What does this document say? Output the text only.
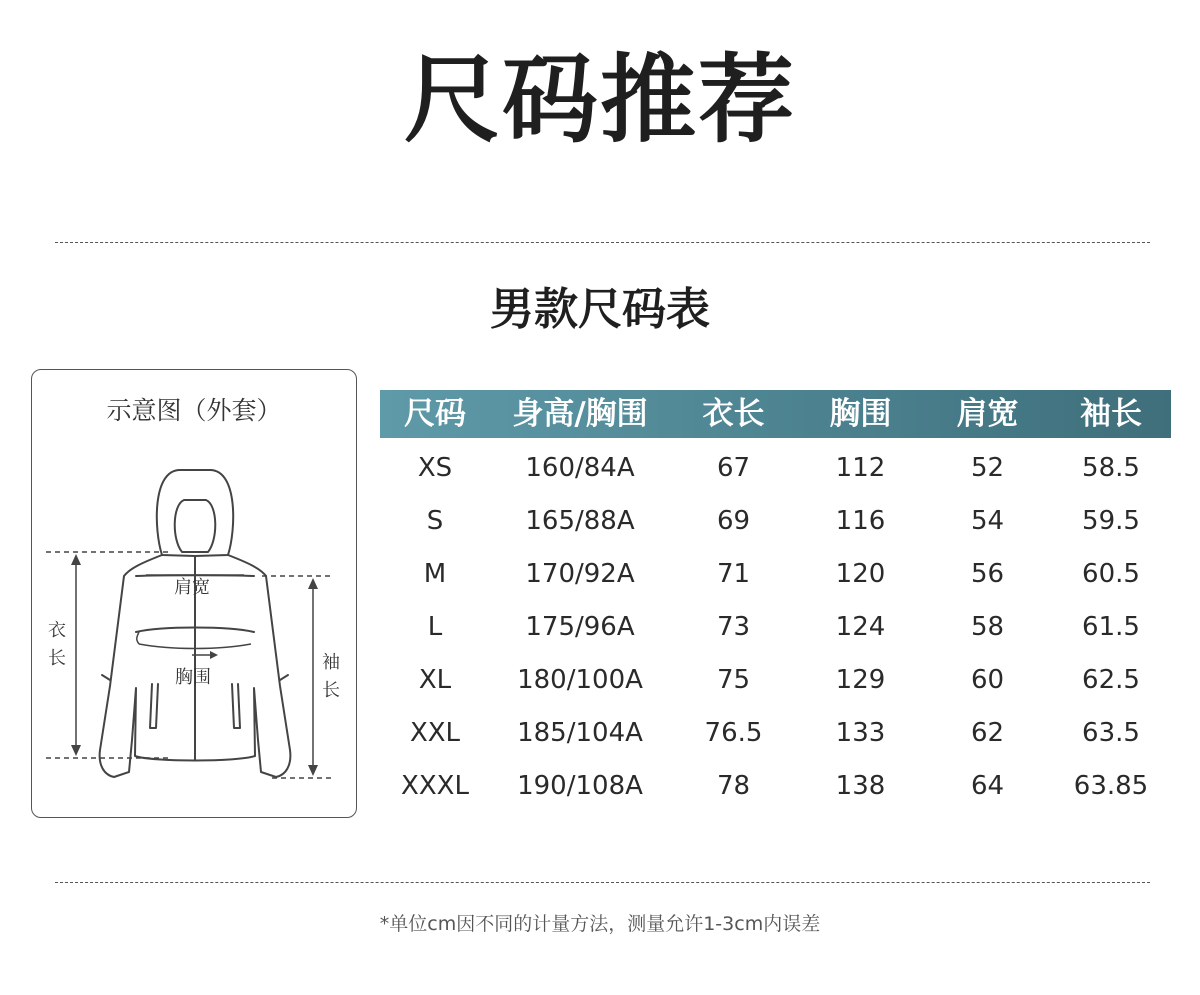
尺码推荐
男款尺码表
示意图（外套）
肩宽
胸围
衣
长	袖
长
尺码	身高/胸围	衣长	胸围	肩宽	袖长
XS	160/84A	67	112	52	58.5
S	165/88A	69	116	54	59.5
M	170/92A	71	120	56	60.5
L	175/96A	73	124	58	61.5
XL	180/100A	75	129	60	62.5
XXL	185/104A	76.5	133	62	63.5
XXXL	190/108A	78	138	64	63.85
*单位cm因不同的计量方法，测量允许1-3cm内误差
